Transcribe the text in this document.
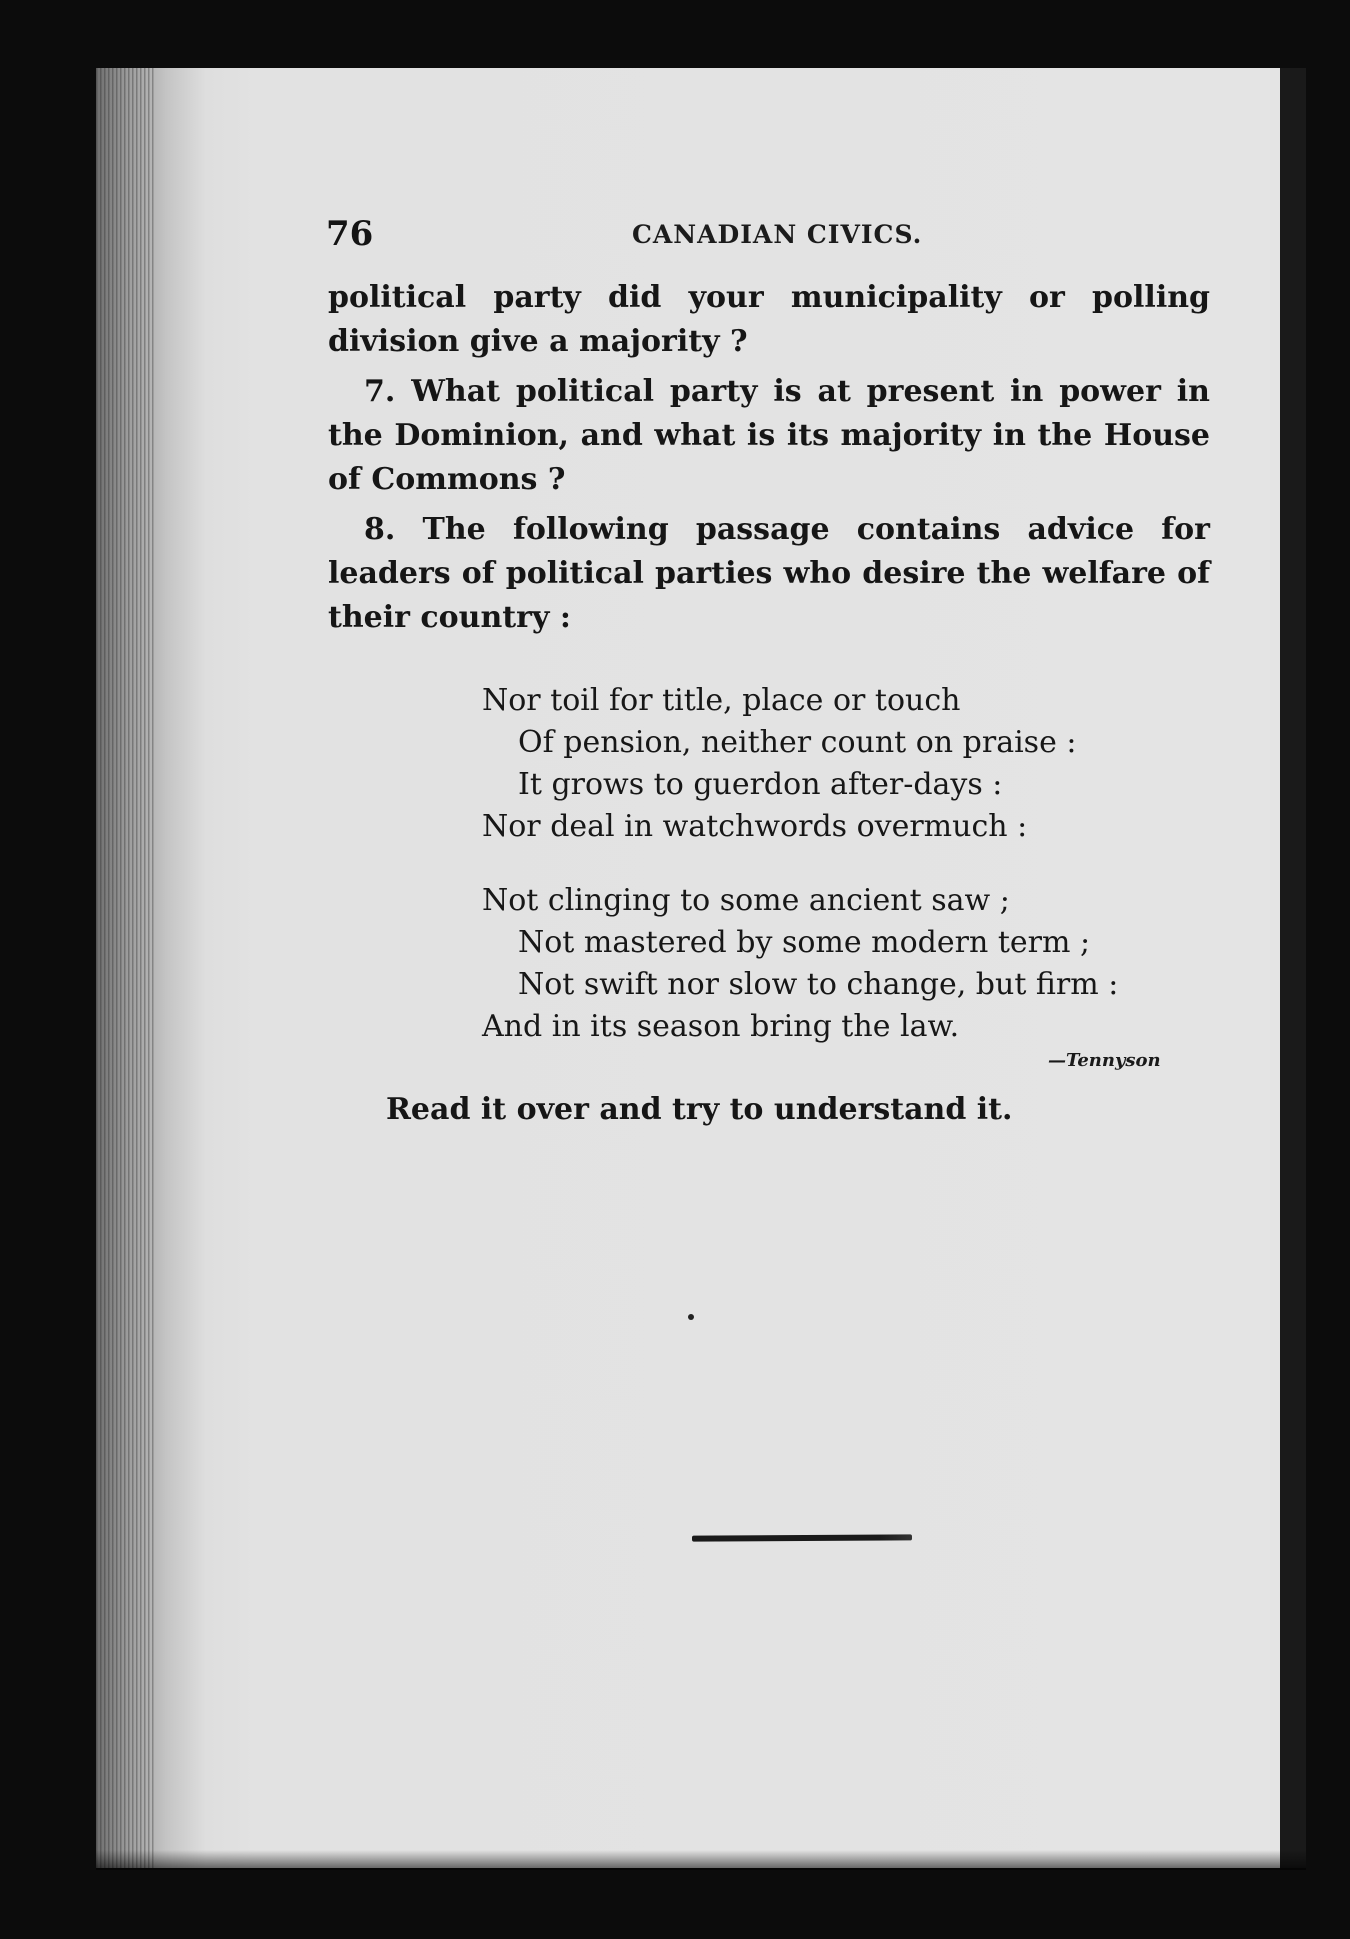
76	CANADIAN CIVICS.

political party did your municipality or polling division give a majority ?

7. What political party is at present in power in the Dominion, and what is its majority in the House of Commons ?

8. The following passage contains advice for leaders of political parties who desire the welfare of their country :

Nor toil for title, place or touch
Of pension, neither count on praise :
It grows to guerdon after-days :
Nor deal in watchwords overmuch :
Not clinging to some ancient saw ;
Not mastered by some modern term ;
Not swift nor slow to change, but firm :
And in its season bring the law.
—Tennyson
Read it over and try to understand it.
